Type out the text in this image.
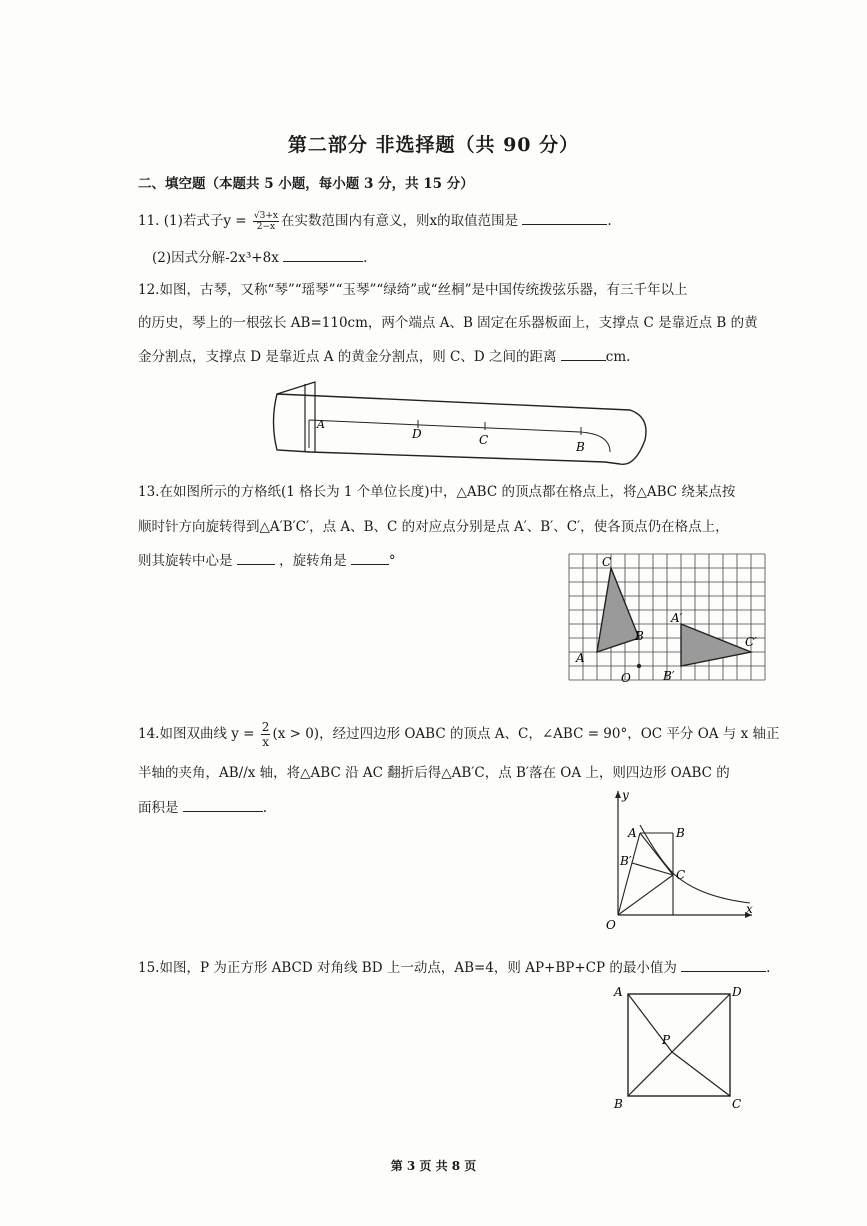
第二部分 非选择题（共 90 分）
二、填空题（本题共 5 小题，每小题 3 分，共 15 分）
11. (1)若式子$y = \frac{√3+x}{2-x}$ 在实数范围内有意义，则x的取值范围是	.
(2)因式分解-2x³+8x	.
12.如图，古琴，又称“琴”“瑶琴”“玉琴”“绿绮”或“丝桐”是中国传统拨弦乐器，有三千年以上
的历史，琴上的一根弦长 AB=110cm，两个端点 A、B 固定在乐器板面上，支撑点 C 是靠近点 B 的黄
金分割点，支撑点 D 是靠近点 A 的黄金分割点，则 C、D 之间的距离	cm.
A
D	C	B
13.在如图所示的方格纸(1 格长为 1 个单位长度)中，△ABC 的顶点都在格点上，将△ABC 绕某点按
顺时针方向旋转得到△A′B′C′，点 A、B、C 的对应点分别是点 A′、B′、C′，使各顶点仍在格点上，
则其旋转中心是	，旋转角是	°	C
A
B
O
A′
B′
C′
14.如图双曲线 $y = \frac{2}{x} (x > 0)$，经过四边形 OABC 的顶点 A、C，∠ABC = 90°，OC 平分 OA 与 x 轴正
半轴的夹角，AB//x 轴，将△ABC 沿 AC 翻折后得△AB′C，点 B′落在 OA 上，则四边形 OABC 的
面积是	.
y
x
O
A	B
B′
C
15.如图，P 为正方形 ABCD 对角线 BD 上一动点，AB=4，则 AP+BP+CP 的最小值为	.
A	D
B	C
P
第 3 页 共 8 页
